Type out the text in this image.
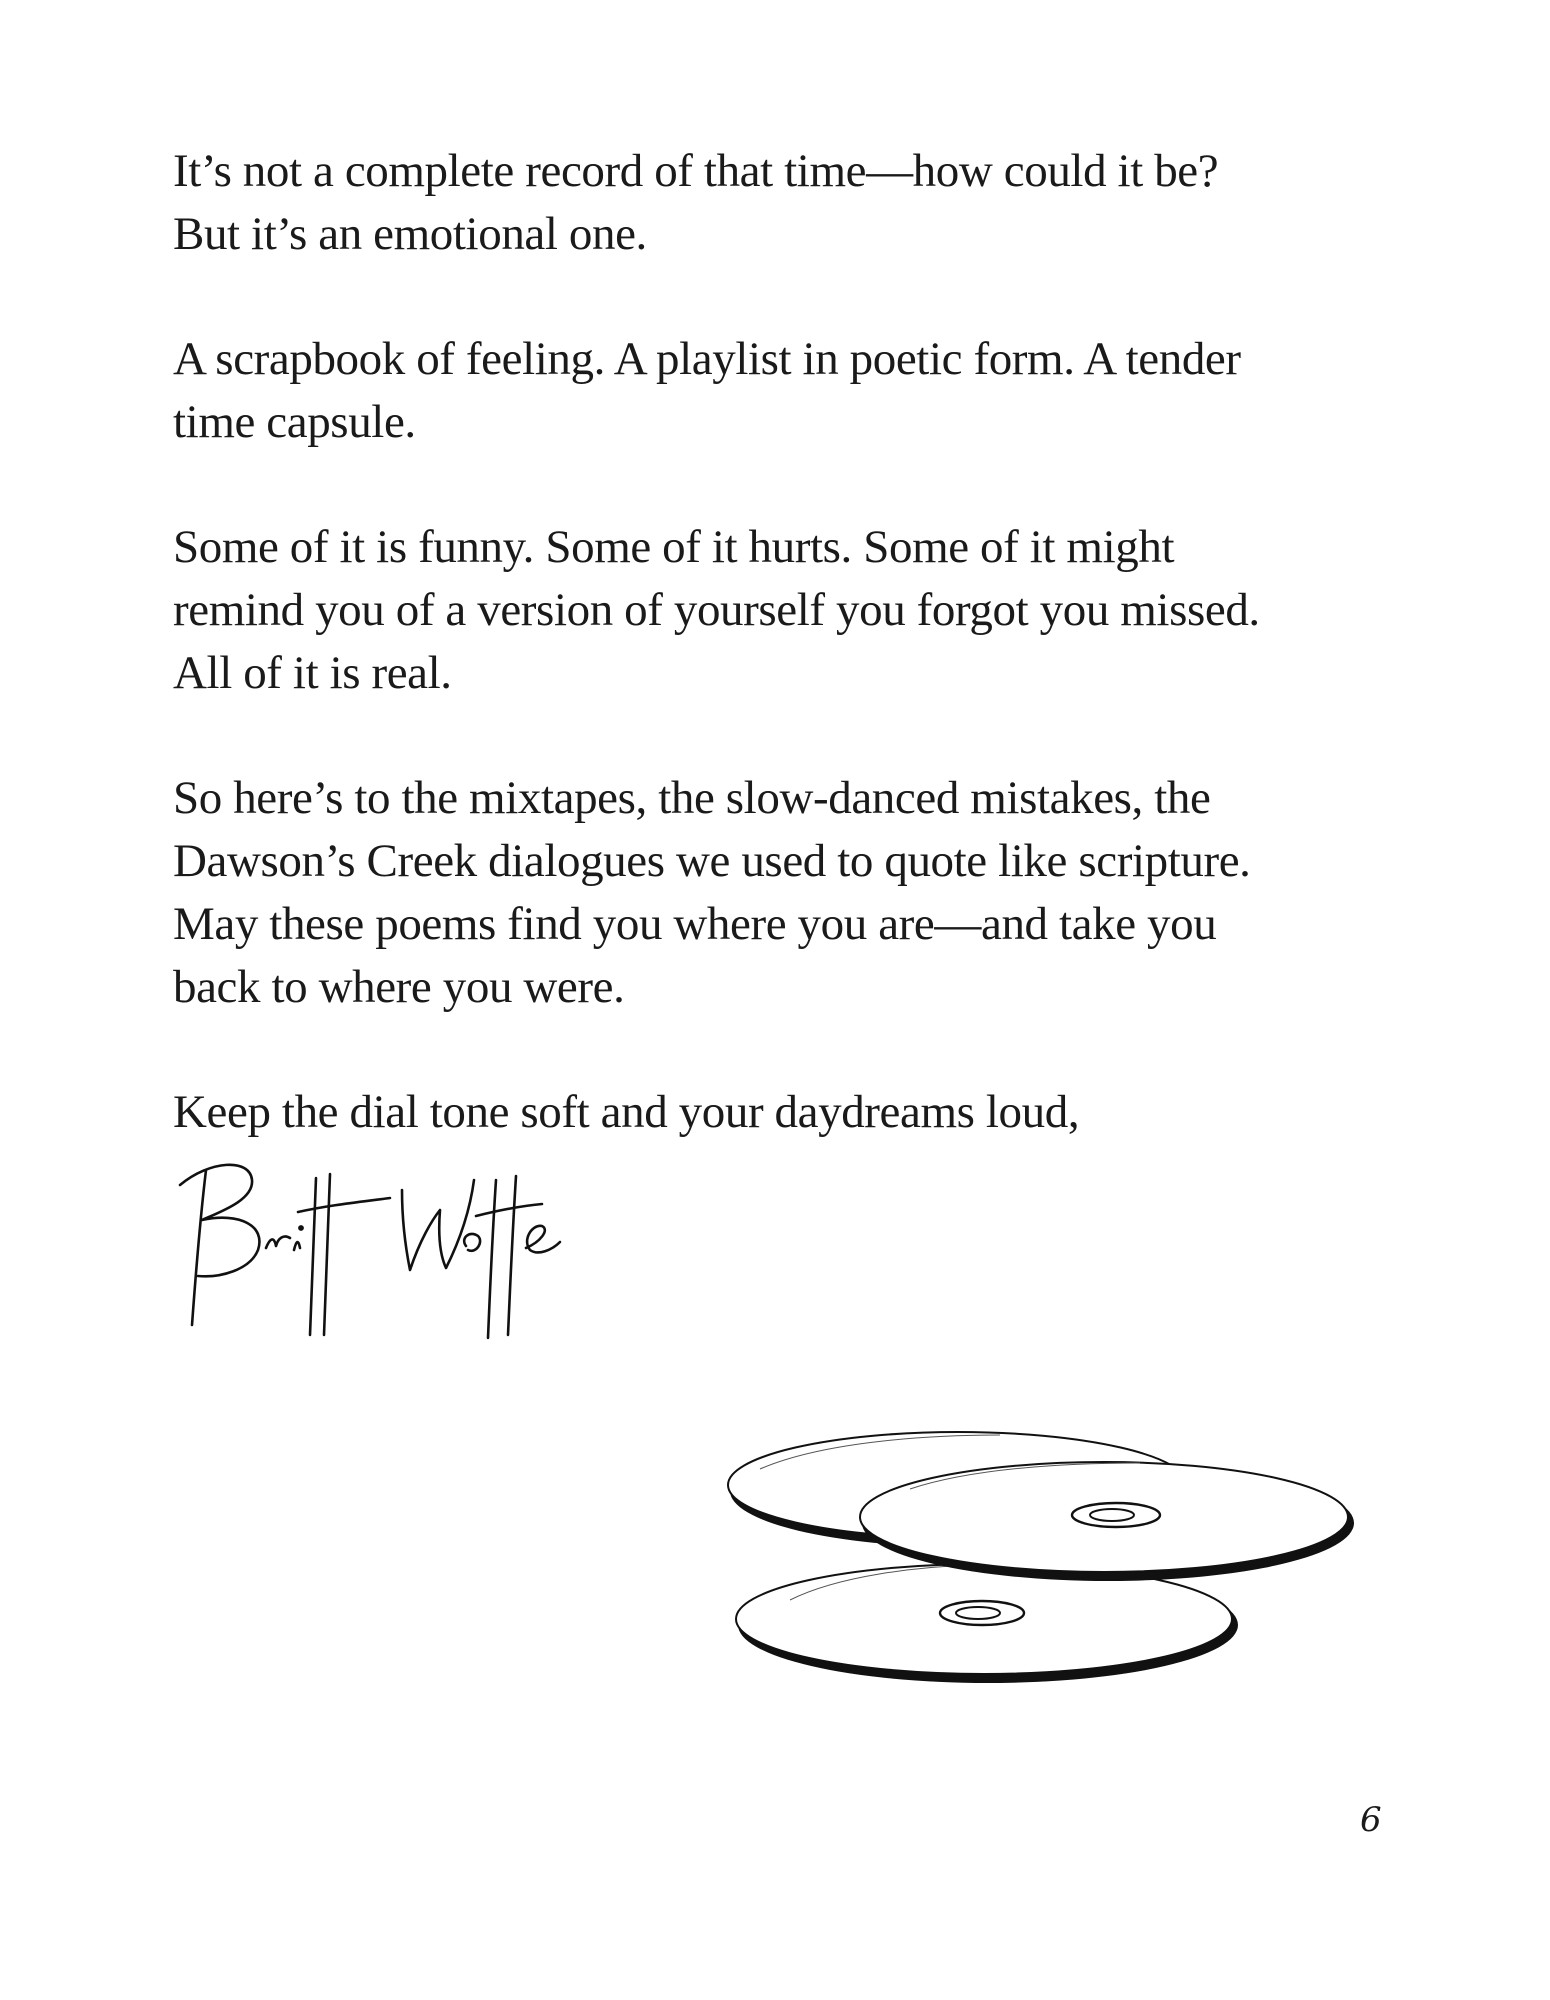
It’s not a complete record of that time—how could it be?
But it’s an emotional one.

A scrapbook of feeling. A playlist in poetic form. A tender
time capsule.

Some of it is funny. Some of it hurts. Some of it might
remind you of a version of yourself you forgot you missed.
All of it is real.

So here’s to the mixtapes, the slow-danced mistakes, the
Dawson’s Creek dialogues we used to quote like scripture.
May these poems find you where you are—and take you
back to where you were.

Keep the dial tone soft and your daydreams loud,

6
